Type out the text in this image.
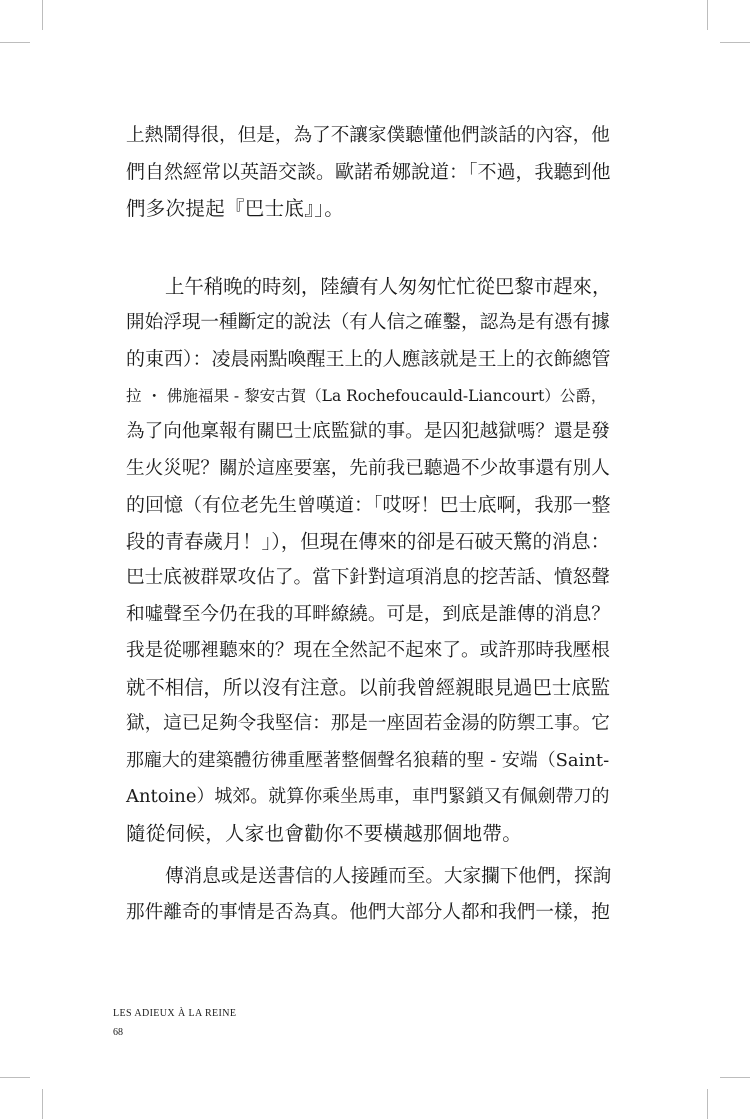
上熱鬧得很，但是，為了不讓家僕聽懂他們談話的內容，他
們自然經常以英語交談。歐諾希娜說道：「不過，我聽到他
們多次提起『巴士底』」。
上午稍晚的時刻，陸續有人匆匆忙忙從巴黎市趕來，
開始浮現一種斷定的說法（有人信之確鑿，認為是有憑有據
的東西）：凌晨兩點喚醒王上的人應該就是王上的衣飾總管
拉 ・ 佛施福果 - 黎安古賀（La Rochefoucauld-Liancourt）公爵，
為了向他稟報有關巴士底監獄的事。是囚犯越獄嗎？還是發
生火災呢？關於這座要塞，先前我已聽過不少故事還有別人
的回憶（有位老先生曾嘆道：「哎呀！巴士底啊，我那一整
段的青春歲月！」），但現在傳來的卻是石破天驚的消息：
巴士底被群眾攻佔了。當下針對這項消息的挖苦話、憤怒聲
和噓聲至今仍在我的耳畔繚繞。可是，到底是誰傳的消息？
我是從哪裡聽來的？現在全然記不起來了。或許那時我壓根
就不相信，所以沒有注意。以前我曾經親眼見過巴士底監
獄，這已足夠令我堅信：那是一座固若金湯的防禦工事。它
那龐大的建築體彷彿重壓著整個聲名狼藉的聖 - 安端（Saint-
Antoine）城郊。就算你乘坐馬車，車門緊鎖又有佩劍帶刀的
隨從伺候，人家也會勸你不要橫越那個地帶。
傳消息或是送書信的人接踵而至。大家攔下他們，探詢
那件離奇的事情是否為真。他們大部分人都和我們一樣，抱
LES ADIEUX À LA REINE
68
